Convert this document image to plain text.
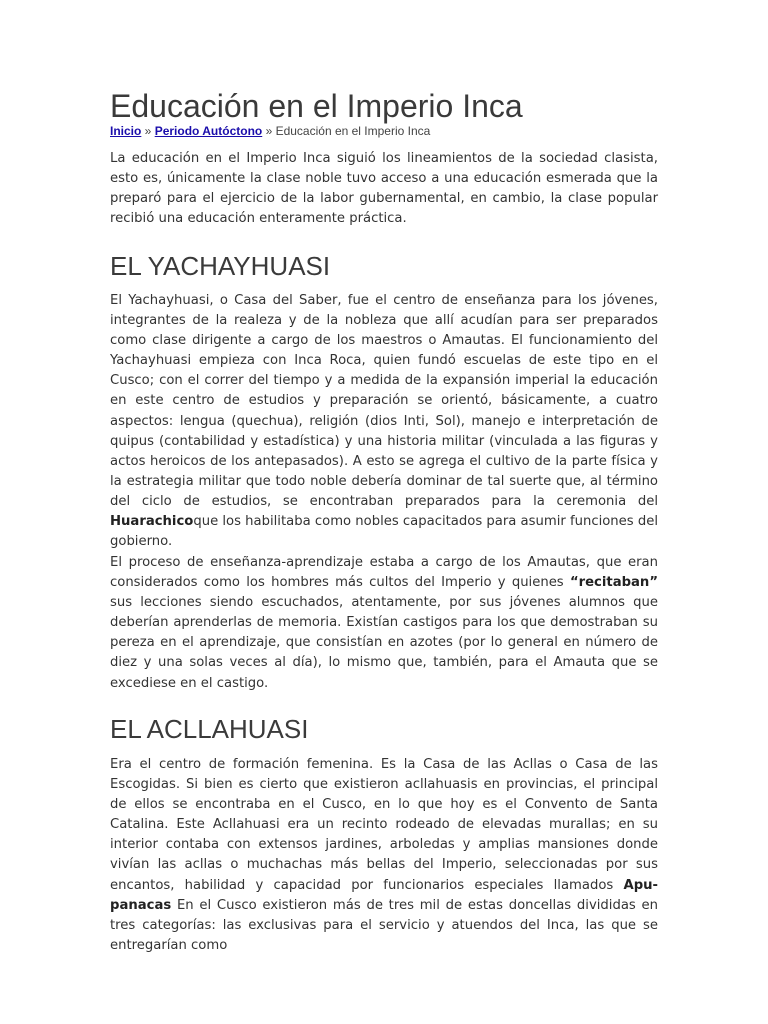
Educación en el Imperio Inca
Inicio » Periodo Autóctono » Educación en el Imperio Inca

La educación en el Imperio Inca siguió los lineamientos de la sociedad clasista, esto es, únicamente la clase noble tuvo acceso a una educación esmerada que la preparó para el ejercicio de la labor gubernamental, en cambio, la clase popular recibió una educación enteramente práctica.

EL YACHAYHUASI

El Yachayhuasi, o Casa del Saber, fue el centro de enseñanza para los jóvenes, integrantes de la realeza y de la nobleza que allí acudían para ser preparados como clase dirigente a cargo de los maestros o Amautas. El funcionamiento del Yachayhuasi empieza con Inca Roca, quien fundó escuelas de este tipo en el Cusco; con el correr del tiempo y a medida de la expansión imperial la educación en este centro de estudios y preparación se orientó, básicamente, a cuatro aspectos: lengua (quechua), religión (dios Inti, Sol), manejo e interpretación de quipus (contabilidad y estadística) y una historia militar (vinculada a las figuras y actos heroicos de los antepasados). A esto se agrega el cultivo de la parte física y la estrategia militar que todo noble debería dominar de tal suerte que, al término del ciclo de estudios, se encontraban preparados para la ceremonia del Huarachicoque los habilitaba como nobles capacitados para asumir funciones del gobierno.

El proceso de enseñanza-aprendizaje estaba a cargo de los Amautas, que eran considerados como los hombres más cultos del Imperio y quienes “recitaban” sus lecciones siendo escuchados, atentamente, por sus jóvenes alumnos que deberían aprenderlas de memoria. Existían castigos para los que demostraban su pereza en el aprendizaje, que consistían en azotes (por lo general en número de diez y una solas veces al día), lo mismo que, también, para el Amauta que se excediese en el castigo.

EL ACLLAHUASI

Era el centro de formación femenina. Es la Casa de las Acllas o Casa de las Escogidas. Si bien es cierto que existieron acllahuasis en provincias, el principal de ellos se encontraba en el Cusco, en lo que hoy es el Convento de Santa Catalina. Este Acllahuasi era un recinto rodeado de elevadas murallas; en su interior contaba con extensos jardines, arboledas y amplias mansiones donde vivían las acllas o muchachas más bellas del Imperio, seleccionadas por sus encantos, habilidad y capacidad por funcionarios especiales llamados Apu-panacas En el Cusco existieron más de tres mil de estas doncellas divididas en tres categorías: las exclusivas para el servicio y atuendos del Inca, las que se entregarían como
